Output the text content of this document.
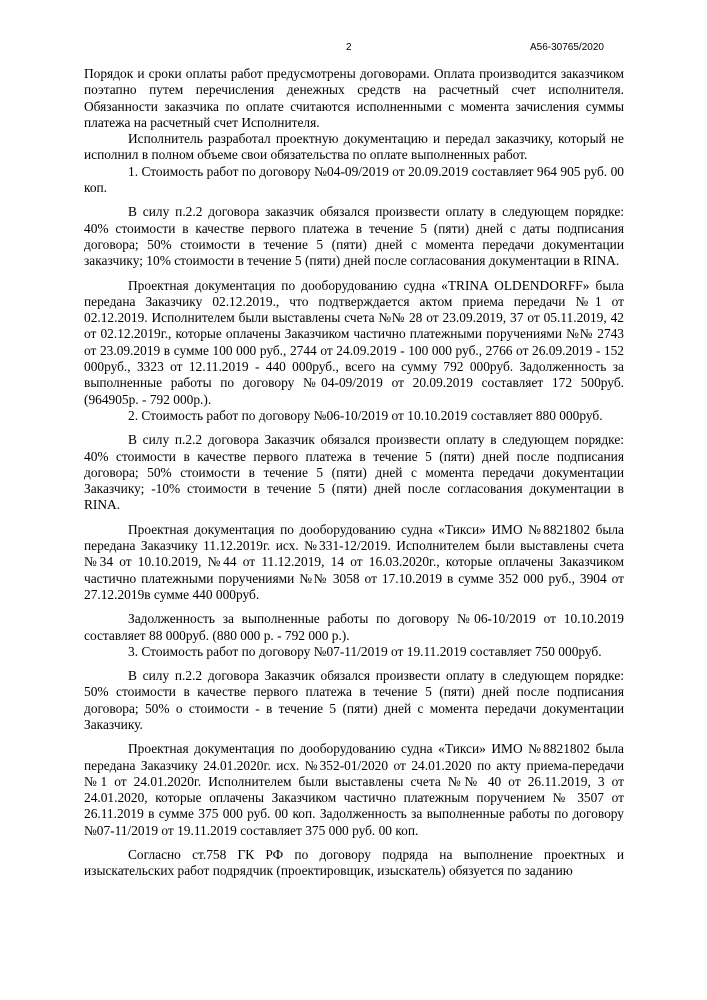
2	А56-30765/2020

Порядок и сроки оплаты работ предусмотрены договорами. Оплата производится заказчиком поэтапно путем перечисления денежных средств на расчетный счет исполнителя. Обязанности заказчика по оплате считаются исполненными с момента зачисления суммы платежа на расчетный счет Исполнителя.

Исполнитель разработал проектную документацию и передал заказчику, который не исполнил в полном объеме свои обязательства по оплате выполненных работ.

1. Стоимость работ по договору №04-09/2019 от 20.09.2019 составляет 964 905 руб. 00 коп.

В силу п.2.2 договора заказчик обязался произвести оплату в следующем порядке: 40% стоимости в качестве первого платежа в течение 5 (пяти) дней с даты подписания договора; 50% стоимости в течение 5 (пяти) дней с момента передачи документации заказчику; 10% стоимости в течение 5 (пяти) дней после согласования документации в RINA.

Проектная документация по дооборудованию судна «TRINA OLDENDORFF» была передана Заказчику 02.12.2019., что подтверждается актом приема передачи №1 от 02.12.2019. Исполнителем были выставлены счета №№ 28 от 23.09.2019, 37 от 05.11.2019, 42 от 02.12.2019г., которые оплачены Заказчиком частично платежными поручениями №№ 2743 от 23.09.2019 в сумме 100 000 руб., 2744 от 24.09.2019 - 100 000 руб., 2766 от 26.09.2019 - 152 000руб., 3323 от 12.11.2019 - 440 000руб., всего на сумму 792 000руб. Задолженность за выполненные работы по договору №04-09/2019 от 20.09.2019 составляет 172 500руб. (964905р. - 792 000р.).

2. Стоимость работ по договору №06-10/2019 от 10.10.2019 составляет 880 000руб.

В силу п.2.2 договора Заказчик обязался произвести оплату в следующем порядке: 40% стоимости в качестве первого платежа в течение 5 (пяти) дней после подписания договора; 50% стоимости в течение 5 (пяти) дней с момента передачи документации Заказчику; -10% стоимости в течение 5 (пяти) дней после согласования документации в RINA.

Проектная документация по дооборудованию судна «Тикси» ИМО №8821802 была передана Заказчику 11.12.2019г. исх. №331-12/2019. Исполнителем были выставлены счета №34 от 10.10.2019, №44 от 11.12.2019, 14 от 16.03.2020г., которые оплачены Заказчиком частично платежными поручениями №№ 3058 от 17.10.2019 в сумме 352 000 руб., 3904 от 27.12.2019в сумме 440 000руб.

Задолженность за выполненные работы по договору №06-10/2019 от 10.10.2019 составляет 88 000руб. (880 000 р. - 792 000 р.).

3. Стоимость работ по договору №07-11/2019 от 19.11.2019 составляет 750 000руб.

В силу п.2.2 договора Заказчик обязался произвести оплату в следующем порядке: 50% стоимости в качестве первого платежа в течение 5 (пяти) дней после подписания договора; 50% о стоимости - в течение 5 (пяти) дней с момента передачи документации Заказчику.

Проектная документация по дооборудованию судна «Тикси» ИМО №8821802 была передана Заказчику 24.01.2020г. исх. №352-01/2020 от 24.01.2020 по акту приема-передачи №1 от 24.01.2020г. Исполнителем были выставлены счета №№ 40 от 26.11.2019, 3 от 24.01.2020, которые оплачены Заказчиком частично платежным поручением № 3507 от 26.11.2019 в сумме 375 000 руб. 00 коп. Задолженность за выполненные работы по договору №07-11/2019 от 19.11.2019 составляет 375 000 руб. 00 коп.

Согласно ст.758 ГК РФ по договору подряда на выполнение проектных и изыскательских работ подрядчик (проектировщик, изыскатель) обязуется по заданию
